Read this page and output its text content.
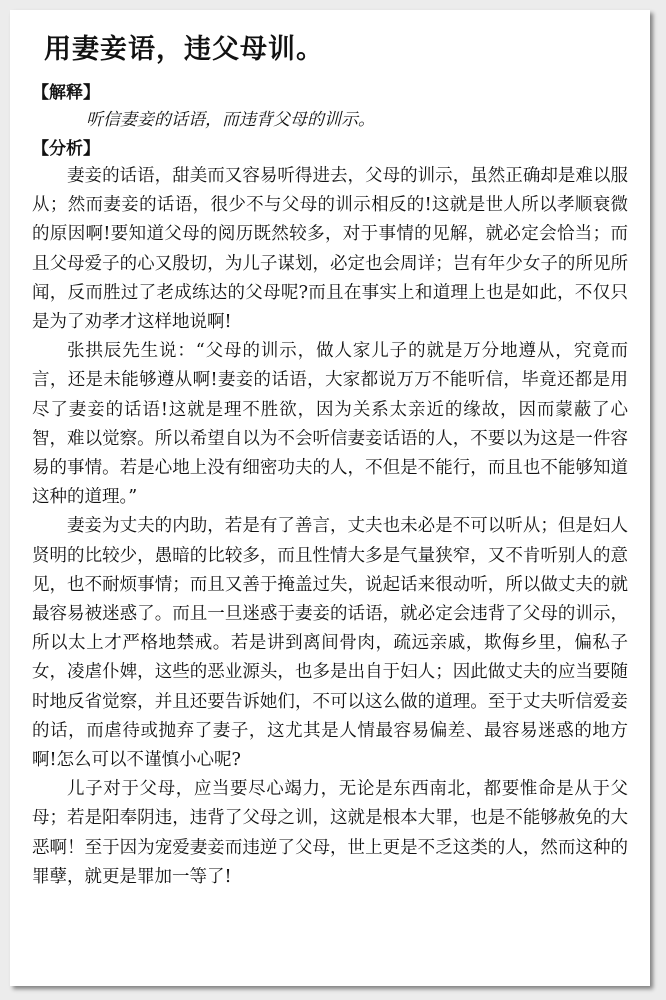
用妻妾语，违父母训。
【解释】
听信妻妾的话语，而违背父母的训示。
【分析】

妻妾的话语，甜美而又容易听得进去，父母的训示，虽然正确却是难以服从；然而妻妾的话语，很少不与父母的训示相反的!这就是世人所以孝顺衰微的原因啊!要知道父母的阅历既然较多，对于事情的见解，就必定会恰当；而且父母爱子的心又殷切，为儿子谋划，必定也会周详；岂有年少女子的所见所闻，反而胜过了老成练达的父母呢?而且在事实上和道理上也是如此，不仅只是为了劝孝才这样地说啊!

张拱辰先生说：“父母的训示，做人家儿子的就是万分地遵从，究竟而言，还是未能够遵从啊!妻妾的话语，大家都说万万不能听信，毕竟还都是用尽了妻妾的话语!这就是理不胜欲，因为关系太亲近的缘故，因而蒙蔽了心智，难以觉察。所以希望自以为不会听信妻妾话语的人，不要以为这是一件容易的事情。若是心地上没有细密功夫的人，不但是不能行，而且也不能够知道这种的道理。”

妻妾为丈夫的内助，若是有了善言，丈夫也未必是不可以听从；但是妇人贤明的比较少，愚暗的比较多，而且性情大多是气量狭窄，又不肯听别人的意见，也不耐烦事情；而且又善于掩盖过失，说起话来很动听，所以做丈夫的就最容易被迷惑了。而且一旦迷惑于妻妾的话语，就必定会违背了父母的训示，所以太上才严格地禁戒。若是讲到离间骨肉，疏远亲戚，欺侮乡里，偏私子女，凌虐仆婢，这些的恶业源头，也多是出自于妇人；因此做丈夫的应当要随时地反省觉察，并且还要告诉她们，不可以这么做的道理。至于丈夫听信爱妾的话，而虐待或抛弃了妻子，这尤其是人情最容易偏差、最容易迷惑的地方啊!怎么可以不谨慎小心呢?

儿子对于父母，应当要尽心竭力，无论是东西南北，都要惟命是从于父母；若是阳奉阴违，违背了父母之训，这就是根本大罪，也是不能够赦免的大恶啊！至于因为宠爱妻妾而违逆了父母，世上更是不乏这类的人，然而这种的罪孽，就更是罪加一等了!
